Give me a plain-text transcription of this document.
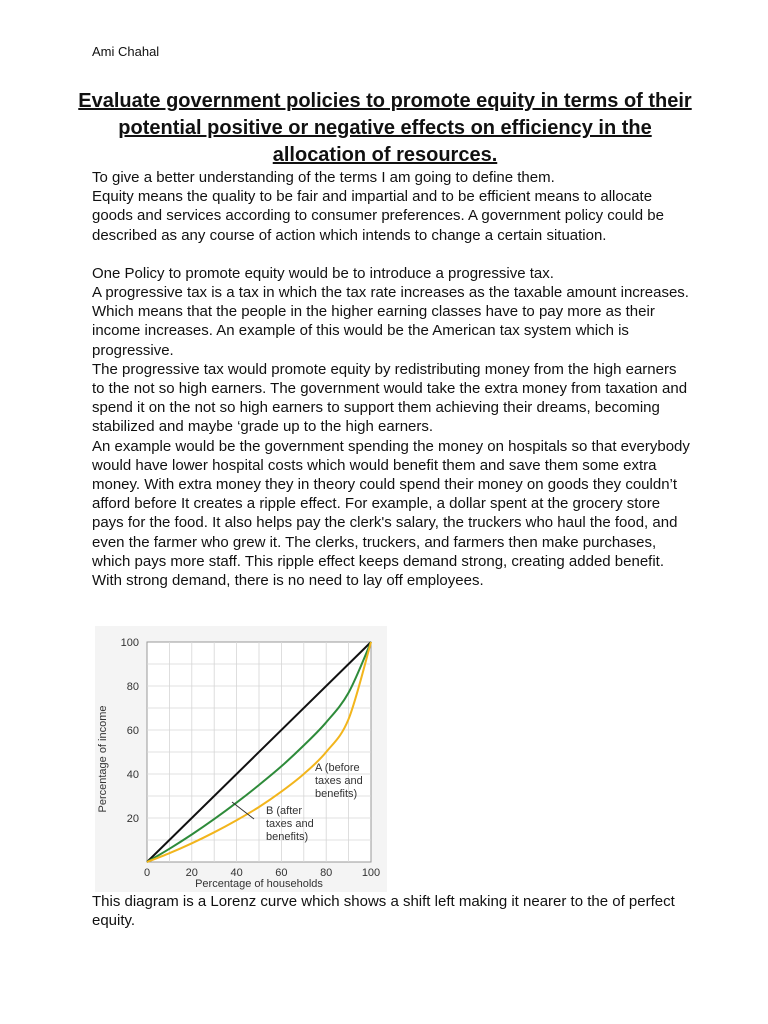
Ami Chahal
Evaluate government policies to promote equity in terms of their potential positive or negative effects on efficiency in the allocation of resources.

To give a better understanding of the terms I am going to define them.

Equity means the quality to be fair and impartial and to be efficient means to allocate goods and services according to consumer preferences. A government policy could be described as any course of action which intends to change a certain situation.

One Policy to promote equity would be to introduce a progressive tax.

A progressive tax is a tax in which the tax rate increases as the taxable amount increases. Which means that the people in the higher earning classes have to pay more as their income increases. An example of this would be the American tax system which is progressive.

The progressive tax would promote equity by redistributing money from the high earners to the not so high earners. The government would take the extra money from taxation and spend it on the not so high earners to support them achieving their dreams, becoming stabilized and maybe ‘grade up to the high earners.

An example would be the government spending the money on hospitals so that everybody would have lower hospital costs which would benefit them and save them some extra money. With extra money they in theory could spend their money on goods they couldn’t afford before It creates a ripple effect. For example, a dollar spent at the grocery store pays for the food. It also helps pay the clerk's salary, the truckers who haul the food, and even the farmer who grew it. The clerks, truckers, and farmers then make purchases, which pays more staff. This ripple effect keeps demand strong, creating added benefit. With strong demand, there is no need to lay off employees.

0	20	40	60	80	100
20
40
60
80
100
A (before
taxes and
benefits)
B (after
taxes and
benefits)
Percentage of income
Percentage of households
This diagram is a Lorenz curve which shows a shift left making it nearer to the of perfect equity.
